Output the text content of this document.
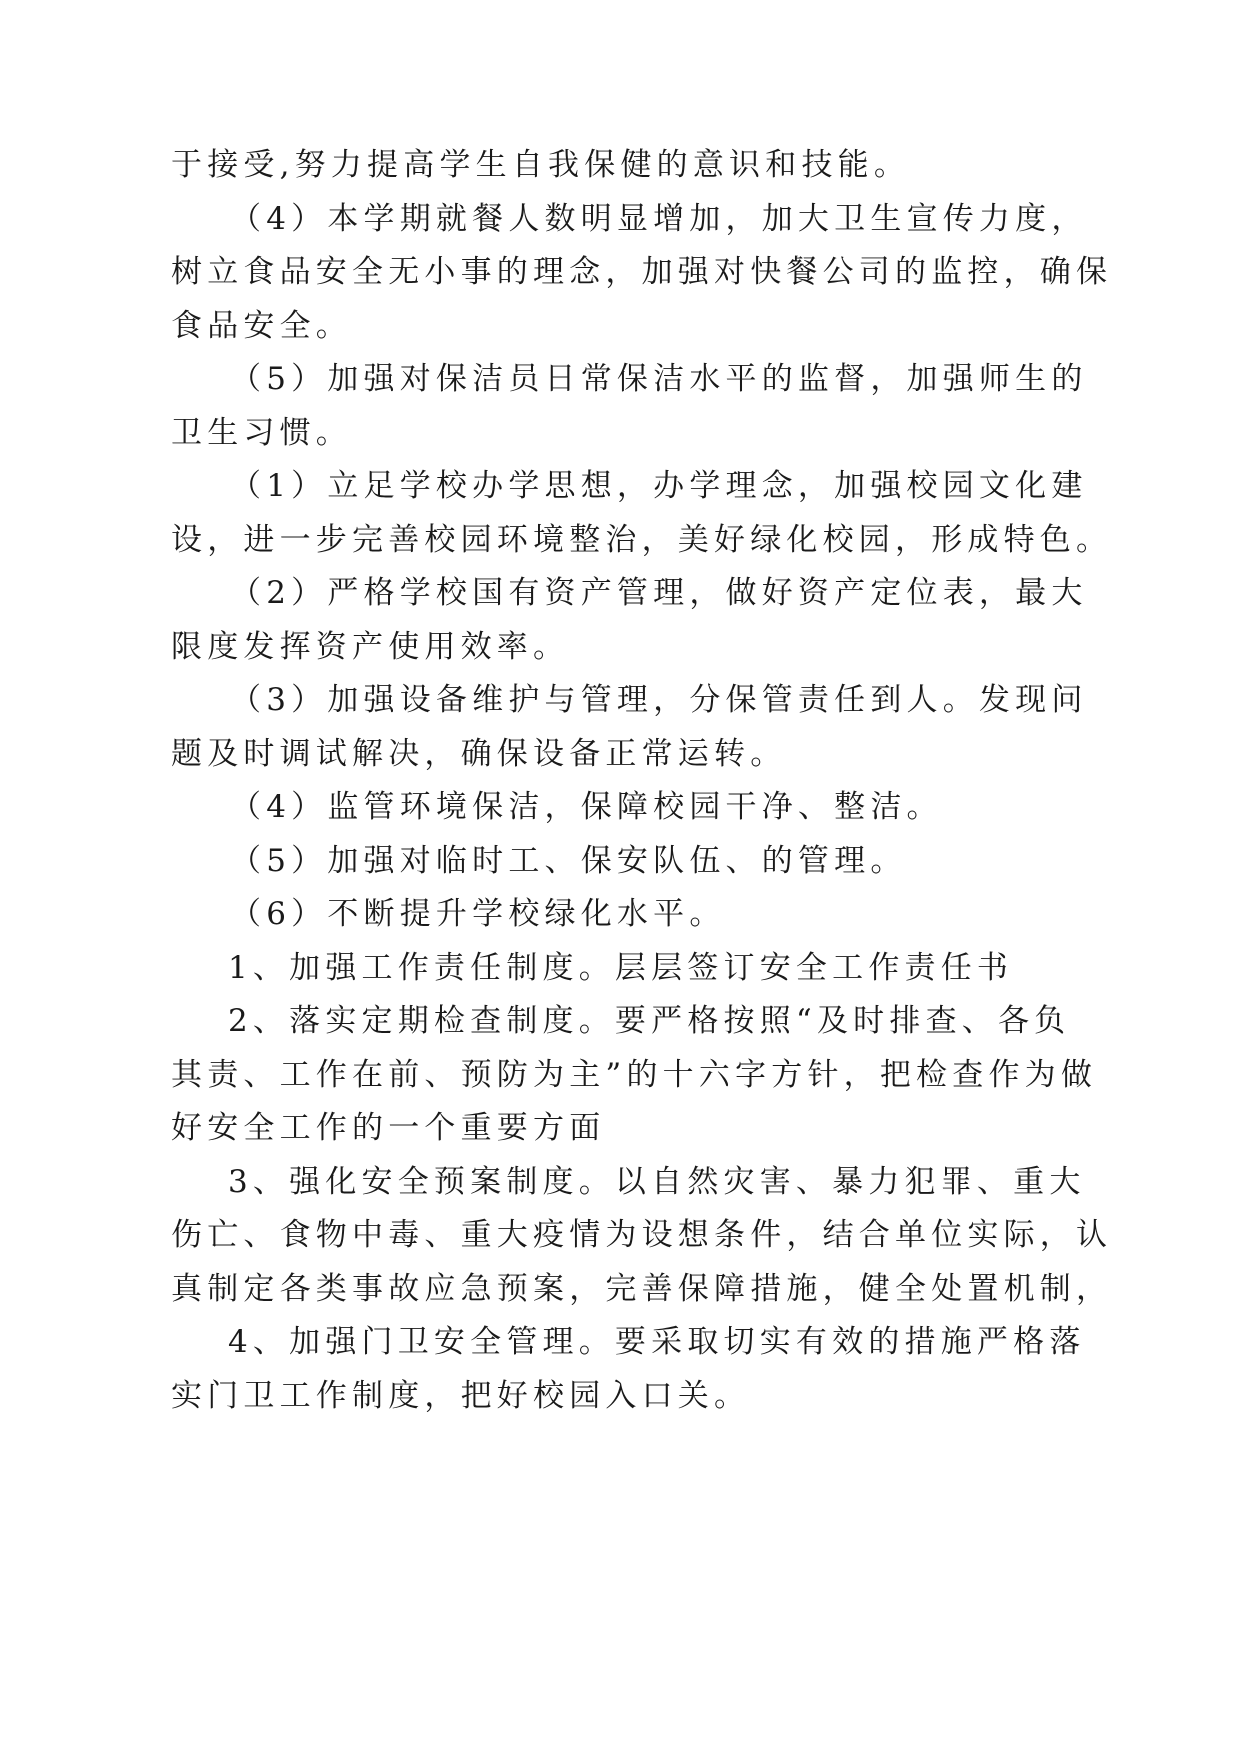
于接受,努力提高学生自我保健的意识和技能。
（4）本学期就餐人数明显增加，加大卫生宣传力度，
树立食品安全无小事的理念，加强对快餐公司的监控，确保
食品安全。
（5）加强对保洁员日常保洁水平的监督，加强师生的
卫生习惯。
（1）立足学校办学思想，办学理念，加强校园文化建
设，进一步完善校园环境整治，美好绿化校园，形成特色。
（2）严格学校国有资产管理，做好资产定位表，最大
限度发挥资产使用效率。
（3）加强设备维护与管理，分保管责任到人。发现问
题及时调试解决，确保设备正常运转。
（4）监管环境保洁，保障校园干净、整洁。
（5）加强对临时工、保安队伍、的管理。
（6）不断提升学校绿化水平。
1、加强工作责任制度。层层签订安全工作责任书
2、落实定期检查制度。要严格按照“及时排查、各负
其责、工作在前、预防为主”的十六字方针，把检查作为做
好安全工作的一个重要方面
3、强化安全预案制度。以自然灾害、暴力犯罪、重大
伤亡、食物中毒、重大疫情为设想条件，结合单位实际，认
真制定各类事故应急预案，完善保障措施，健全处置机制，
4、加强门卫安全管理。要采取切实有效的措施严格落
实门卫工作制度，把好校园入口关。
